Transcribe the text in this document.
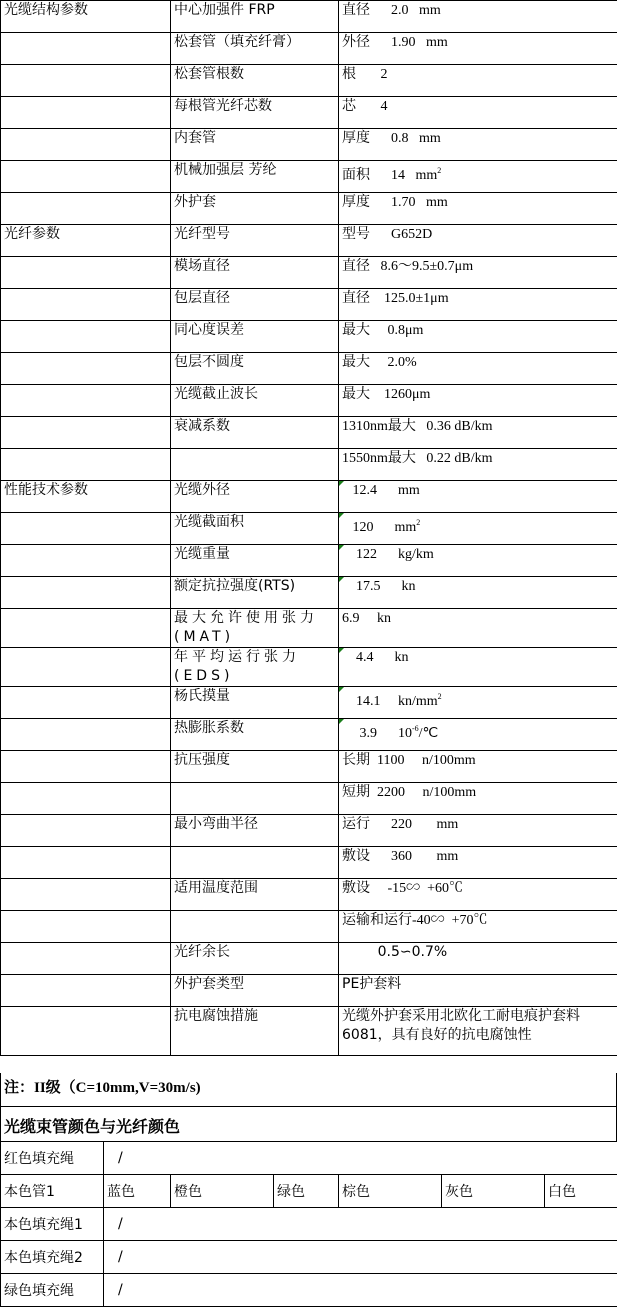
光缆结构参数	中心加强件 FRP	直径      2.0   mm
	松套管（填充纤膏）	外径      1.90   mm
	松套管根数	根       2
	每根管光纤芯数	芯       4
	内套管	厚度      0.8   mm
	机械加强层 芳纶	面积      14   $mm^2$
	外护套	厚度      1.70   mm
光纤参数	光纤型号	型号      G652D
	模场直径	直径   8.6～9.5±0.7μm
	包层直径	直径    125.0±1μm
	同心度误差	最大     0.8μm
	包层不圆度	最大     2.0%
	光缆截止波长	最大    1260μm
	衰减系数	1310nm最大   0.36 dB/km
		1550nm最大   0.22 dB/km
性能技术参数	光缆外径	12.4      mm
	光缆截面积	120      $mm^2$
	光缆重量	122      kg/km
	额定抗拉强度(RTS)	17.5      kn
	最大允许使用张力(MAT)	6.9     kn
	年平均运行张力(EDS)	4.4      kn
	杨氏摸量	14.1     $kn/mm^2$
	热膨胀系数	3.9      $10^{-6}/℃$
	抗压强度	长期  1100     n/100mm
		短期  2200     n/100mm
	最小弯曲半径	运行      220       mm
		敷设      360       mm
	适用温度范围	敷设     -15∽  +60℃
		运输和运行-40∽  +70℃
	光纤余长	0.5∽0.7%
	外护套类型	PE护套料
	抗电腐蚀措施	光缆外护套采用北欧化工耐电痕护套料6081，具有良好的抗电腐蚀性
注：II级（C=10mm,V=30m/s)
光缆束管颜色与光纤颜色
红色填充绳	/					
本色管1	蓝色	橙色	绿色	棕色	灰色	白色
本色填充绳1	/					
本色填充绳2	/					
绿色填充绳	/					
